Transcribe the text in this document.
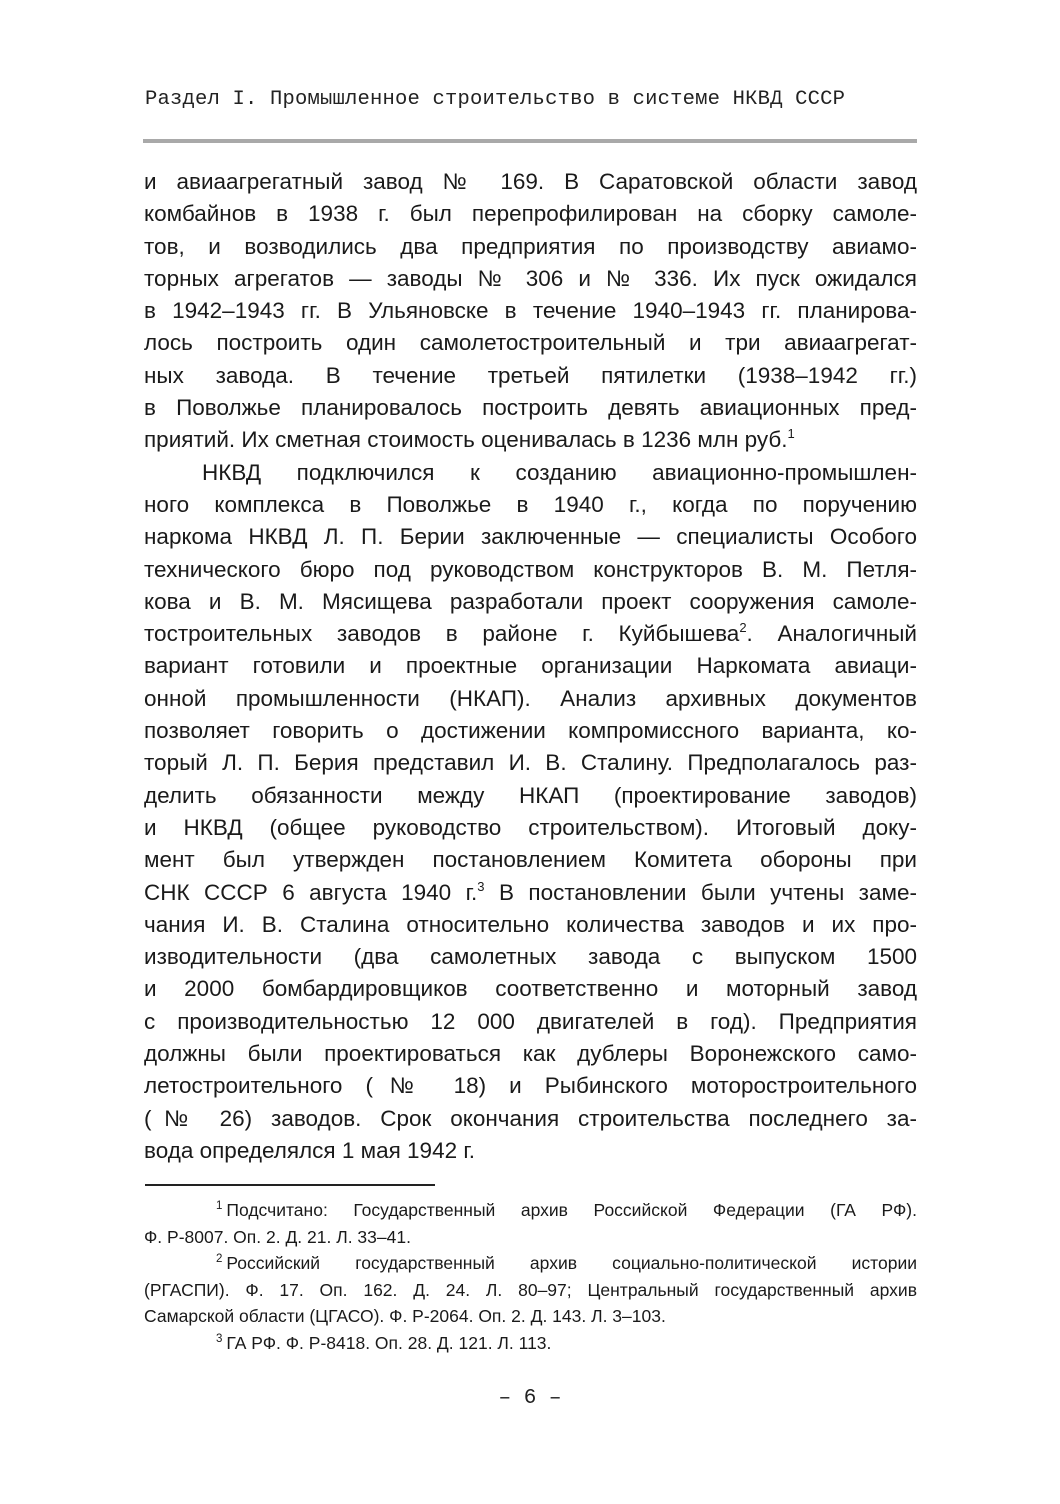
Раздел I. Промышленное строительство в системе НКВД СССР
и авиаагрегатный завод № 169. В Саратовской области завод
комбайнов в 1938 г. был перепрофилирован на сборку самоле-
тов, и возводились два предприятия по производству авиамо-
торных агрегатов — заводы № 306 и № 336. Их пуск ожидался
в 1942–1943 гг. В Ульяновске в течение 1940–1943 гг. планирова-
лось построить один самолетостроительный и три авиаагрегат-
ных завода. В течение третьей пятилетки (1938–1942 гг.)
в Поволжье планировалось построить девять авиационных пред-
приятий. Их сметная стоимость оценивалась в 1236 млн руб.$^1$
НКВД подключился к созданию авиационно-промышлен-
ного комплекса в Поволжье в 1940 г., когда по поручению
наркома НКВД Л. П. Берии заключенные — специалисты Особого
технического бюро под руководством конструкторов В. М. Петля-
кова и В. М. Мясищева разработали проект сооружения самоле-
тостроительных заводов в районе г. Куйбышева$^2$. Аналогичный
вариант готовили и проектные организации Наркомата авиаци-
онной промышленности (НКАП). Анализ архивных документов
позволяет говорить о достижении компромиссного варианта, ко-
торый Л. П. Берия представил И. В. Сталину. Предполагалось раз-
делить обязанности между НКАП (проектирование заводов)
и НКВД (общее руководство строительством). Итоговый доку-
мент был утвержден постановлением Комитета обороны при
СНК СССР 6 августа 1940 г.$^3$ В постановлении были учтены заме-
чания И. В. Сталина относительно количества заводов и их про-
изводительности (два самолетных завода с выпуском 1500
и 2000 бомбардировщиков соответственно и моторный завод
с производительностью 12 000 двигателей в год). Предприятия
должны были проектироваться как дублеры Воронежского само-
летостроительного (№ 18) и Рыбинского моторостроительного
(№ 26) заводов. Срок окончания строительства последнего за-
вода определялся 1 мая 1942 г.
$^1$ Подсчитано: Государственный архив Российской Федерации (ГА РФ).
Ф. Р-8007. Оп. 2. Д. 21. Л. 33–41.
$^2$ Российский государственный архив социально-политической истории
(РГАСПИ). Ф. 17. Оп. 162. Д. 24. Л. 80–97; Центральный государственный архив
Самарской области (ЦГАСО). Ф. Р-2064. Оп. 2. Д. 143. Л. 3–103.
$^3$ ГА РФ. Ф. Р-8418. Оп. 28. Д. 121. Л. 113.
– 6 –
